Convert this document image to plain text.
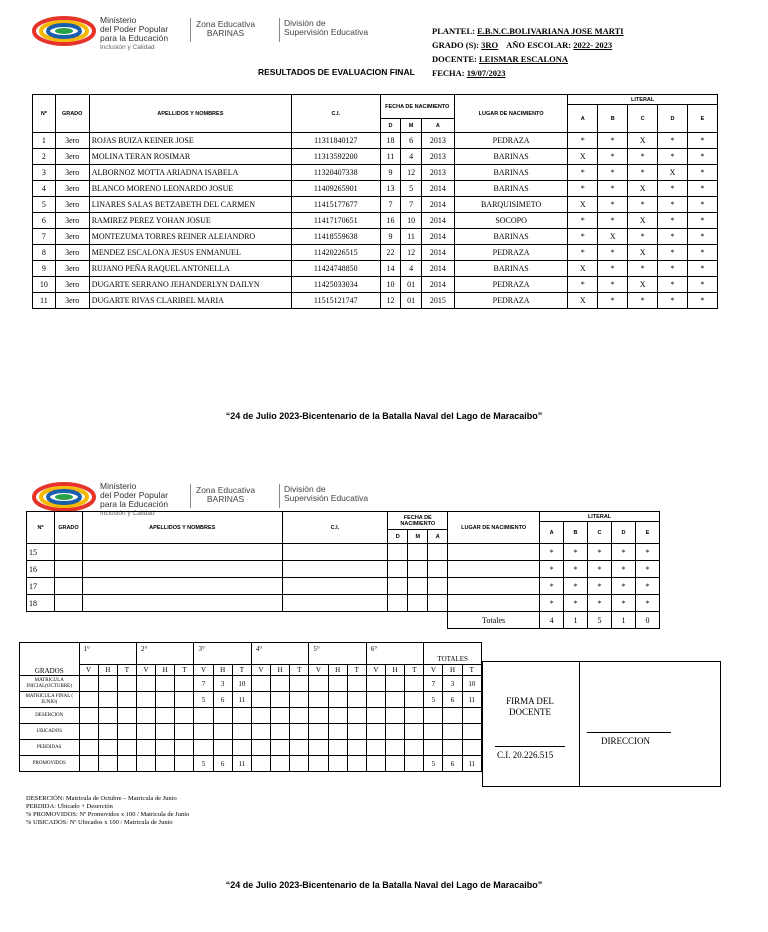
Ministerio
del Poder Popular
para la Educación
Inclusión y Calidad
Zona Educativa
BARINAS
División de
Supervisión Educativa	PLANTEL: E.B.N.C.BOLIVARIANA JOSE MARTI
GRADO (S): 3RO AÑO ESCOLAR: 2022- 2023
DOCENTE: LEISMAR ESCALONA
FECHA: 19/07/2023
RESULTADOS DE EVALUACION FINAL
Nº	GRADO	APELLIDOS Y NOMBRES	C.I.	FECHA DE NACIMIENTO			LUGAR DE NACIMIENTO	LITERAL				
								A	B	C	D	E
				D	M	A						
1	3ero	ROJAS BUIZA KEINER JOSE	11311840127	18	6	2013	PEDRAZA	*	*	X	*	*
2	3ero	MOLINA TERAN ROSIMAR	11313592200	11	4	2013	BARINAS	X	*	*	*	*
3	3ero	ALBORNOZ MOTTA ARIADNA ISABELA	11320407338	9	12	2013	BARINAS	*	*	*	X	*
4	3ero	BLANCO MORENO LEONARDO JOSUE	11409265901	13	5	2014	BARINAS	*	*	X	*	*
5	3ero	LINARES SALAS BETZABETH DEL CARMEN	11415177677	7	7	2014	BARQUISIMETO	X	*	*	*	*
6	3ero	RAMIREZ PEREZ YOHAN JOSUE	11417170651	16	10	2014	SOCOPO	*	*	X	*	*
7	3ero	MONTEZUMA TORRES REINER ALEJANDRO	11418559638	9	11	2014	BARINAS	*	X	*	*	*
8	3ero	MENDEZ ESCALONA JESUS ENMANUEL	11420226515	22	12	2014	PEDRAZA	*	*	X	*	*
9	3ero	RUJANO PEÑA RAQUEL ANTONELLA	11424748850	14	4	2014	BARINAS	X	*	*	*	*
10	3ero	DUGARTE SERRANO JEHANDERLYN DAILYN	11425033034	10	01	2014	PEDRAZA	*	*	X	*	*
11	3ero	DUGARTE RIVAS CLARIBEL MARIA	11515121747	12	01	2015	PEDRAZA	X	*	*	*	*
“24 de Julio 2023-Bicentenario de la Batalla Naval del Lago de Maracaibo”
Ministerio
del Poder Popular
para la Educación
Inclusión y Calidad
Zona Educativa
BARINAS
División de
Supervisión Educativa
Nº	GRADO	APELLIDOS Y NOMBRES	C.I.	FECHA DE NACIMIENTO			LUGAR DE NACIMIENTO	LITERAL				
								A	B	C	D	E
				D	M	A						
15								*	*	*	*	*
16								*	*	*	*	*
17								*	*	*	*	*
18								*	*	*	*	*
							Totales	4	1	5	1	0
GRADOS	1°			2°			3°			4°			5°			6°					
																			TOTALES		
	V	H	T	V	H	T	V	H	T	V	H	T	V	H	T	V	H	T	V	H	T
MATRICULA INICIAL(OCTUBRE)							7	3	10										7	3	10
MATRICULA FINAL ( JUNIO)							5	6	11										5	6	11
DESERCION																					
UBICADOS																					
PERDIDAS																					
PROMOVIDOS							5	6	11										5	6	11
FIRMA DEL DOCENTE
C.I. 20.226.515
DIRECCION
DESERCIÓN: Matricula de Octubre – Matricula de Junio
PERDIDA: Ubicado + Deserción
% PROMOVIDOS: Nº Promovidos x 100 / Matricula de Junio
% UBICADOS: Nº Ubicados x 100 / Matricula de Junio
“24 de Julio 2023-Bicentenario de la Batalla Naval del Lago de Maracaibo”
